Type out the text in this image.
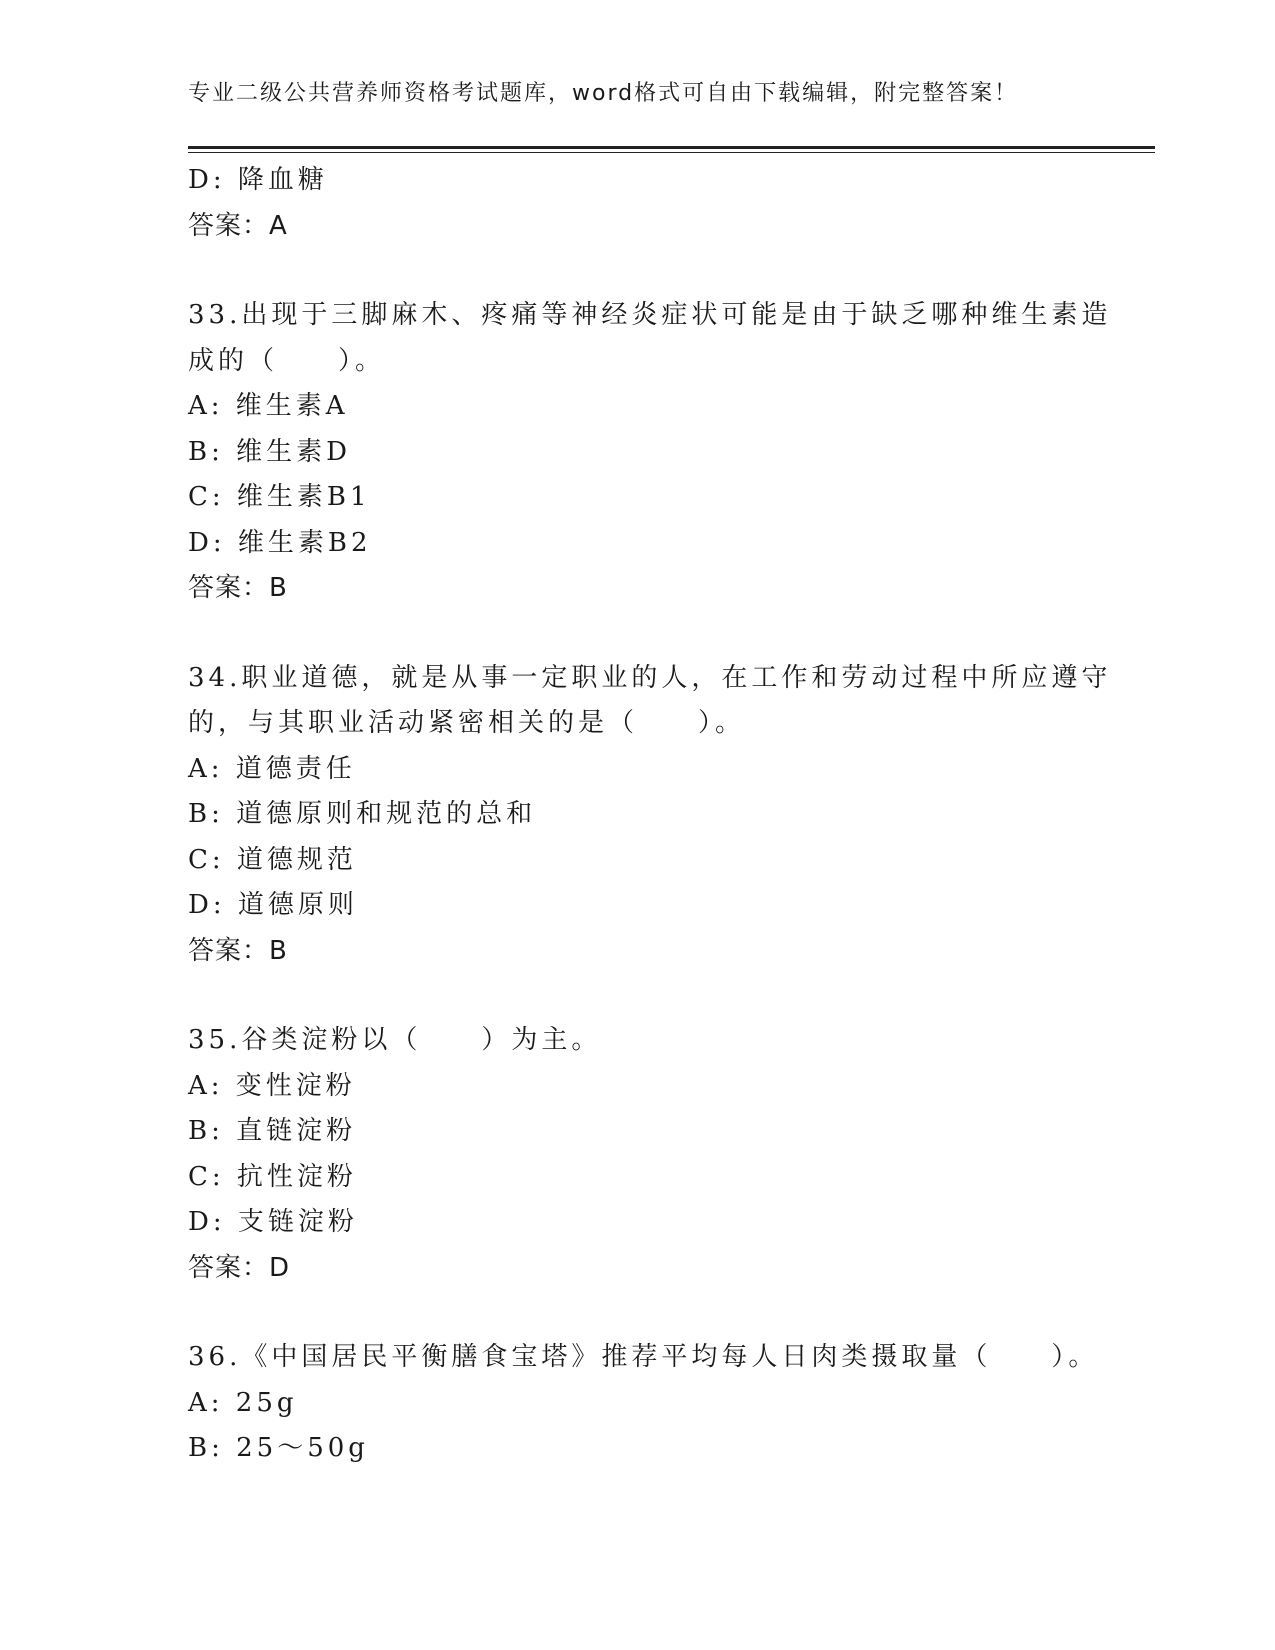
专业二级公共营养师资格考试题库，word格式可自由下载编辑，附完整答案！
D: 降血糖
答案：A
33.出现于三脚麻木、疼痛等神经炎症状可能是由于缺乏哪种维生素造
成的（　　）。
A: 维生素A
B: 维生素D
C: 维生素B1
D: 维生素B2
答案：B
34.职业道德，就是从事一定职业的人，在工作和劳动过程中所应遵守
的，与其职业活动紧密相关的是（　　）。
A: 道德责任
B: 道德原则和规范的总和
C: 道德规范
D: 道德原则
答案：B
35.谷类淀粉以（　　）为主。
A: 变性淀粉
B: 直链淀粉
C: 抗性淀粉
D: 支链淀粉
答案：D
36.《中国居民平衡膳食宝塔》推荐平均每人日肉类摄取量（　　）。
A: 25g
B: 25～50g
